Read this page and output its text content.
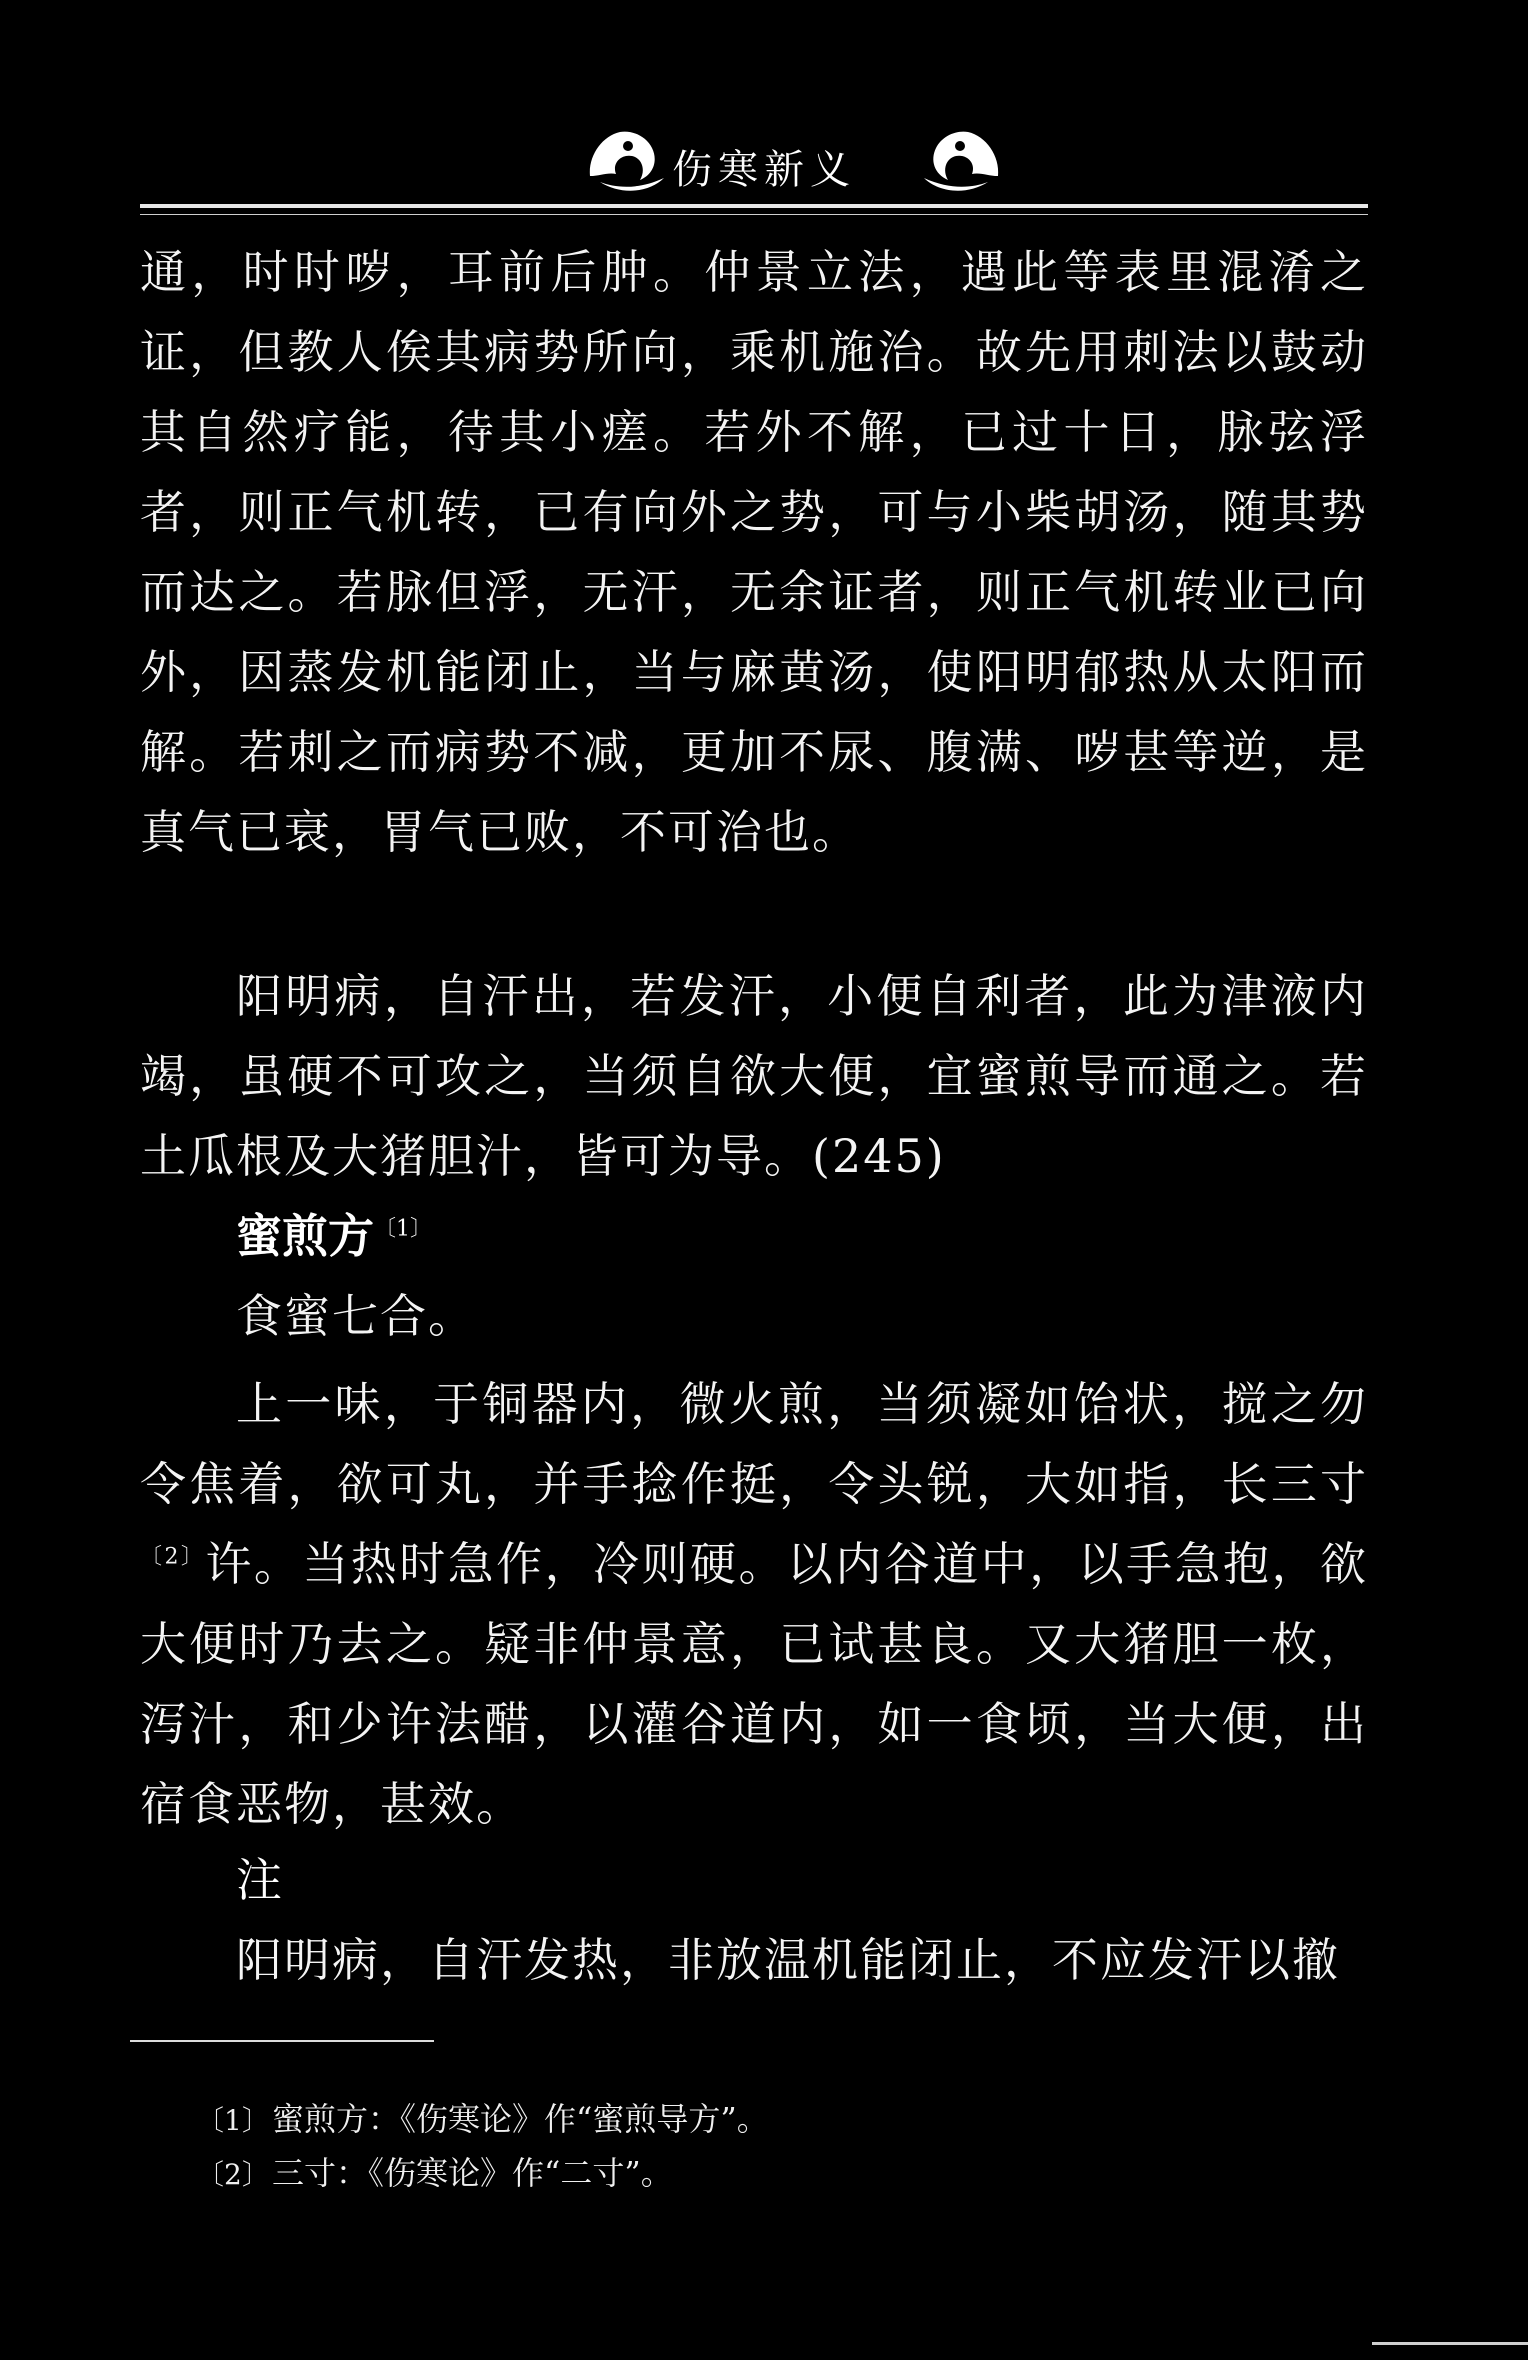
伤寒新义

通，时时哕，耳前后肿。仲景立法，遇此等表里混淆之证，但教人俟其病势所向，乘机施治。故先用刺法以鼓动其自然疗能，待其小瘥。若外不解，已过十日，脉弦浮者，则正气机转，已有向外之势，可与小柴胡汤，随其势而达之。若脉但浮，无汗，无余证者，则正气机转业已向外，因蒸发机能闭止，当与麻黄汤，使阳明郁热从太阳而解。若刺之而病势不减，更加不尿、腹满、哕甚等逆，是真气已衰，胃气已败，不可治也。

阳明病，自汗出，若发汗，小便自利者，此为津液内竭，虽硬不可攻之，当须自欲大便，宜蜜煎导而通之。若土瓜根及大猪胆汁，皆可为导。(245)

蜜煎方$^{〔1〕}$

食蜜七合。

上一味，于铜器内，微火煎，当须凝如饴状，搅之勿令焦着，欲可丸，并手捻作挺，令头锐，大如指，长三寸$^{〔2〕}$许。当热时急作，冷则硬。以内谷道中，以手急抱，欲大便时乃去之。疑非仲景意，已试甚良。又大猪胆一枚，泻汁，和少许法醋，以灌谷道内，如一食顷，当大便，出宿食恶物，甚效。

注

阳明病，自汗发热，非放温机能闭止，不应发汗以撤

〔1〕蜜煎方：《伤寒论》作“蜜煎导方”。
〔2〕三寸：《伤寒论》作“二寸”。
